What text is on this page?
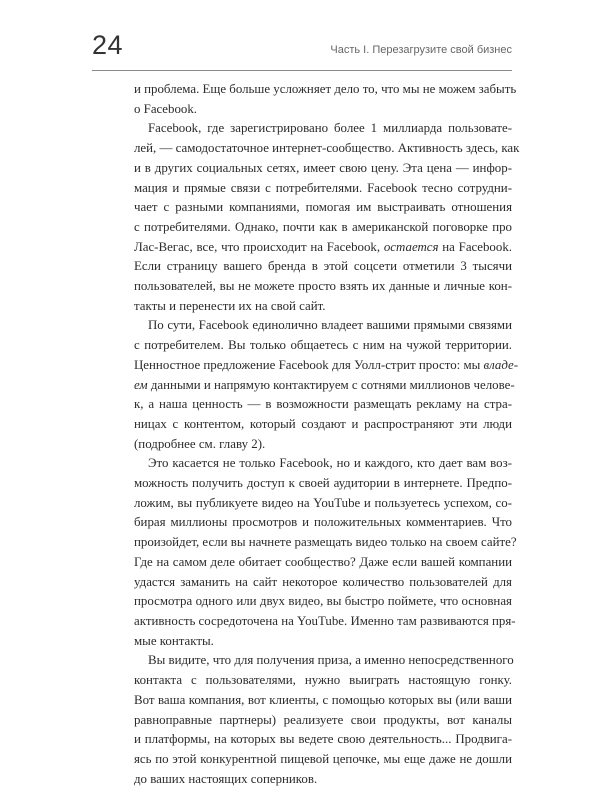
24	Часть I. Перезагрузите свой бизнес

и проблема. Еще больше усложняет дело то, что мы не можем забыть
о Facebook.

Facebook, где зарегистрировано более 1 миллиарда пользовате-
лей, — самодостаточное интернет-сообщество. Активность здесь, как
и в других социальных сетях, имеет свою цену. Эта цена — инфор-
мация и прямые связи с потребителями. Facebook тесно сотрудни-
чает с разными компаниями, помогая им выстраивать отношения
с потребителями. Однако, почти как в американской поговорке про
Лас-Вегас, все, что происходит на Facebook, остается на Facebook.
Если страницу вашего бренда в этой соцсети отметили 3 тысячи
пользователей, вы не можете просто взять их данные и личные кон-
такты и перенести их на свой сайт.

По сути, Facebook единолично владеет вашими прямыми связями
с потребителем. Вы только общаетесь с ним на чужой территории.
Ценностное предложение Facebook для Уолл-стрит просто: мы владе-
ем данными и напрямую контактируем с сотнями миллионов челове-
к, а наша ценность — в возможности размещать рекламу на стра-
ницах с контентом, который создают и распространяют эти люди
(подробнее см. главу 2).

Это касается не только Facebook, но и каждого, кто дает вам воз-
можность получить доступ к своей аудитории в интернете. Предпо-
ложим, вы публикуете видео на YouTube и пользуетесь успехом, со-
бирая миллионы просмотров и положительных комментариев. Что
произойдет, если вы начнете размещать видео только на своем сайте?
Где на самом деле обитает сообщество? Даже если вашей компании
удастся заманить на сайт некоторое количество пользователей для
просмотра одного или двух видео, вы быстро поймете, что основная
активность сосредоточена на YouTube. Именно там развиваются пря-
мые контакты.

Вы видите, что для получения приза, а именно непосредственного
контакта с пользователями, нужно выиграть настоящую гонку.
Вот ваша компания, вот клиенты, с помощью которых вы (или ваши
равноправные партнеры) реализуете свои продукты, вот каналы
и платформы, на которых вы ведете свою деятельность... Продвига-
ясь по этой конкурентной пищевой цепочке, мы еще даже не дошли
до ваших настоящих соперников.
